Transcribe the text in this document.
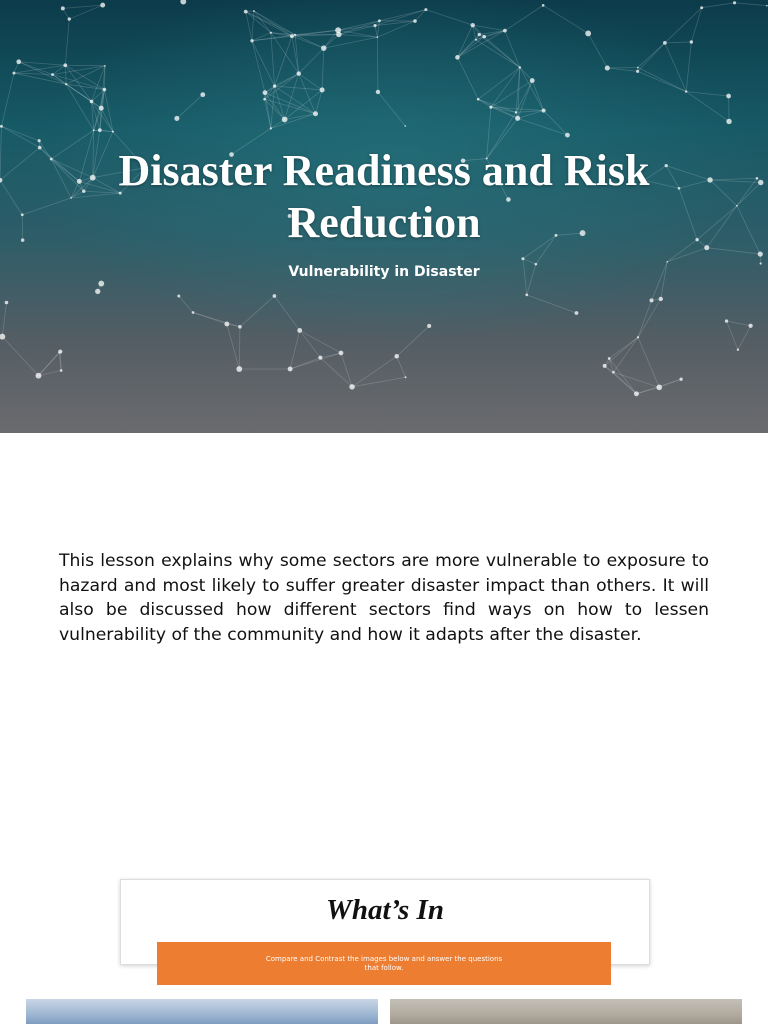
Disaster Readiness and Risk Reduction
Vulnerability in Disaster

This lesson explains why some sectors are more vulnerable to exposure to hazard and most likely to suffer greater disaster impact than others. It will also be discussed how different sectors find ways on how to lessen vulnerability of the community and how it adapts after the disaster.

What’s In
Compare and Contrast the images below and answer the questions that follow.
